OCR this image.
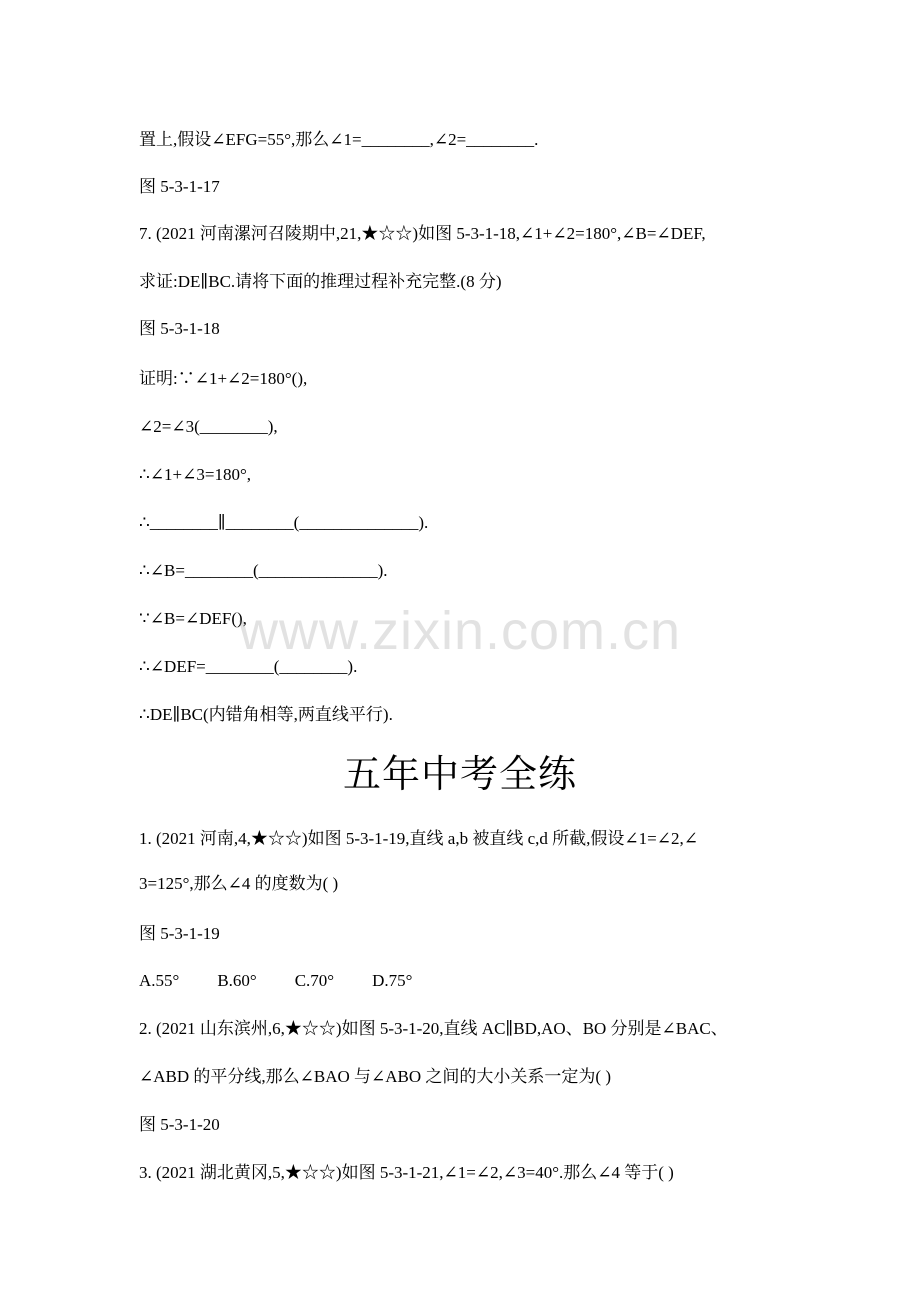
置上,假设∠EFG=55°,那么∠1=________,∠2=________.
图 5-3-1-17
7. (2021 河南漯河召陵期中,21,★☆☆)如图 5-3-1-18,∠1+∠2=180°,∠B=∠DEF,
求证:DE∥BC.请将下面的推理过程补充完整.(8 分)
图 5-3-1-18
证明:∵∠1+∠2=180°(),
∠2=∠3(________),
∴∠1+∠3=180°,
∴________∥________(______________).
∴∠B=________(______________).
∵∠B=∠DEF(),
∴∠DEF=________(________).
∴DE∥BC(内错角相等,两直线平行).
五年中考全练
1. (2021 河南,4,★☆☆)如图 5-3-1-19,直线 a,b 被直线 c,d 所截,假设∠1=∠2,∠
3=125°,那么∠4 的度数为( )
图 5-3-1-19
A.55° B.60° C.70° D.75°
2. (2021 山东滨州,6,★☆☆)如图 5-3-1-20,直线 AC∥BD,AO、BO 分别是∠BAC、
∠ABD 的平分线,那么∠BAO 与∠ABO 之间的大小关系一定为( )
图 5-3-1-20
3. (2021 湖北黄冈,5,★☆☆)如图 5-3-1-21,∠1=∠2,∠3=40°.那么∠4 等于( )
www.zixin.com.cn
